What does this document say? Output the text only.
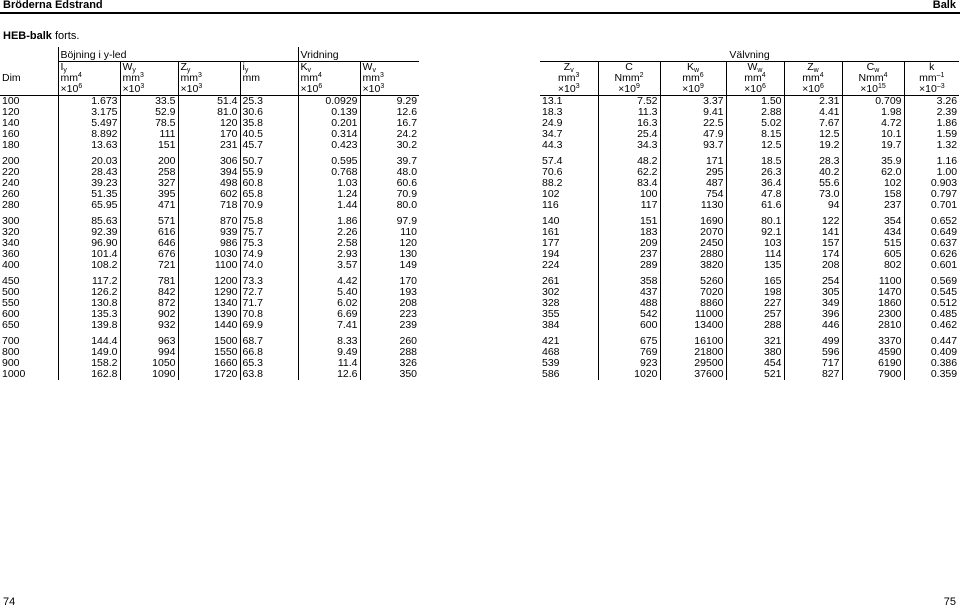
Bröderna Edstrand	Balk
HEB-balk forts.
	Böjning i y-led				Vridning	
	$I_y$	$W_y$	$Z_y$	$i_y$	$K_v$	$W_v$
Dim	$mm^4$	$mm^3$	$mm^3$	mm	$mm^4$	$mm^3$
	$\times 10^6$	$\times 10^3$	$\times 10^3$		$\times 10^6$	$\times 10^3$
100	1.673	33.5	51.4	25.3	0.0929	9.29
120	3.175	52.9	81.0	30.6	0.139	12.6
140	5.497	78.5	120	35.8	0.201	16.7
160	8.892	111	170	40.5	0.314	24.2
180	13.63	151	231	45.7	0.423	30.2
200	20.03	200	306	50.7	0.595	39.7
220	28.43	258	394	55.9	0.768	48.0
240	39.23	327	498	60.8	1.03	60.6
260	51.35	395	602	65.8	1.24	70.9
280	65.95	471	718	70.9	1.44	80.0
300	85.63	571	870	75.8	1.86	97.9
320	92.39	616	939	75.7	2.26	110
340	96.90	646	986	75.3	2.58	120
360	101.4	676	1030	74.9	2.93	130
400	108.2	721	1100	74.0	3.57	149
450	117.2	781	1200	73.3	4.42	170
500	126.2	842	1290	72.7	5.40	193
550	130.8	872	1340	71.7	6.02	208
600	135.3	902	1390	70.8	6.69	223
650	139.8	932	1440	69.9	7.41	239
700	144.4	963	1500	68.7	8.33	260
800	149.0	994	1550	66.8	9.49	288
900	158.2	1050	1660	65.3	11.4	326
1000	162.8	1090	1720	63.8	12.6	350
Välvning						
$Z_v$	C	$K_w$	$W_w$	$Z_w$	$C_w$	k
$mm^3$	Nmm$^2$	$mm^6$	$mm^4$	$mm^4$	Nmm$^4$	$mm^{-1}$
$\times 10^3$	$\times 10^9$	$\times 10^9$	$\times 10^6$	$\times 10^6$	$\times 10^{15}$	$\times 10^{-3}$
13.1	7.52	3.37	1.50	2.31	0.709	3.26
18.3	11.3	9.41	2.88	4.41	1.98	2.39
24.9	16.3	22.5	5.02	7.67	4.72	1.86
34.7	25.4	47.9	8.15	12.5	10.1	1.59
44.3	34.3	93.7	12.5	19.2	19.7	1.32
57.4	48.2	171	18.5	28.3	35.9	1.16
70.6	62.2	295	26.3	40.2	62.0	1.00
88.2	83.4	487	36.4	55.6	102	0.903
102	100	754	47.8	73.0	158	0.797
116	117	1130	61.6	94	237	0.701
140	151	1690	80.1	122	354	0.652
161	183	2070	92.1	141	434	0.649
177	209	2450	103	157	515	0.637
194	237	2880	114	174	605	0.626
224	289	3820	135	208	802	0.601
261	358	5260	165	254	1100	0.569
302	437	7020	198	305	1470	0.545
328	488	8860	227	349	1860	0.512
355	542	11000	257	396	2300	0.485
384	600	13400	288	446	2810	0.462
421	675	16100	321	499	3370	0.447
468	769	21800	380	596	4590	0.409
539	923	29500	454	717	6190	0.386
586	1020	37600	521	827	7900	0.359
74	75
